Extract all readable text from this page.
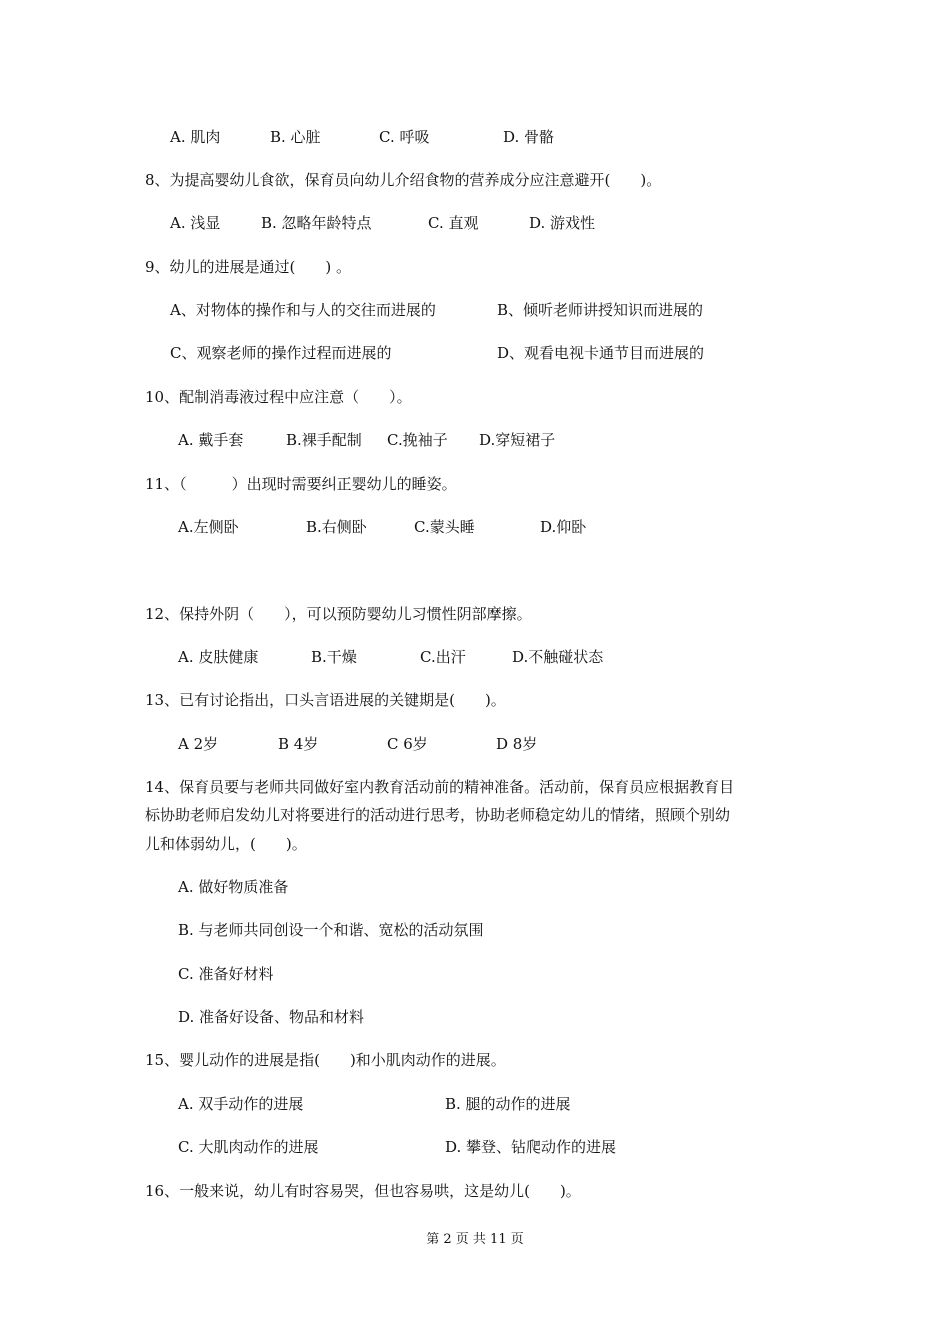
A. 肌肉	B. 心脏	C. 呼吸	D. 骨骼
8、为提高婴幼儿食欲，保育员向幼儿介绍食物的营养成分应注意避开(　　)。
A. 浅显	B. 忽略年龄特点	C. 直观	D. 游戏性
9、幼儿的进展是通过(　　) 。
A、对物体的操作和与人的交往而进展的	B、倾听老师讲授知识而进展的
C、观察老师的操作过程而进展的	D、观看电视卡通节目而进展的
10、配制消毒液过程中应注意（　　）。
A. 戴手套	B.裸手配制 C.挽袖子 D.穿短裙子
11、（　　　）出现时需要纠正婴幼儿的睡姿。
A.左侧卧	B.右侧卧	C.蒙头睡	D.仰卧
12、保持外阴（　　），可以预防婴幼儿习惯性阴部摩擦。
A. 皮肤健康	B.干燥	C.出汗	D.不触碰状态
13、已有讨论指出，口头言语进展的关键期是(　　)。
A 2岁	B 4岁	C 6岁	D 8岁
14、保育员要与老师共同做好室内教育活动前的精神准备。活动前，保育员应根据教育目
标协助老师启发幼儿对将要进行的活动进行思考，协助老师稳定幼儿的情绪，照顾个别幼
儿和体弱幼儿，(　　)。
A. 做好物质准备
B. 与老师共同创设一个和谐、宽松的活动氛围
C. 准备好材料
D. 准备好设备、物品和材料
15、婴儿动作的进展是指(　　)和小肌肉动作的进展。
A. 双手动作的进展	B. 腿的动作的进展
C. 大肌肉动作的进展	D. 攀登、钻爬动作的进展
16、一般来说，幼儿有时容易哭，但也容易哄，这是幼儿(　　)。
第 2 页 共 11 页
